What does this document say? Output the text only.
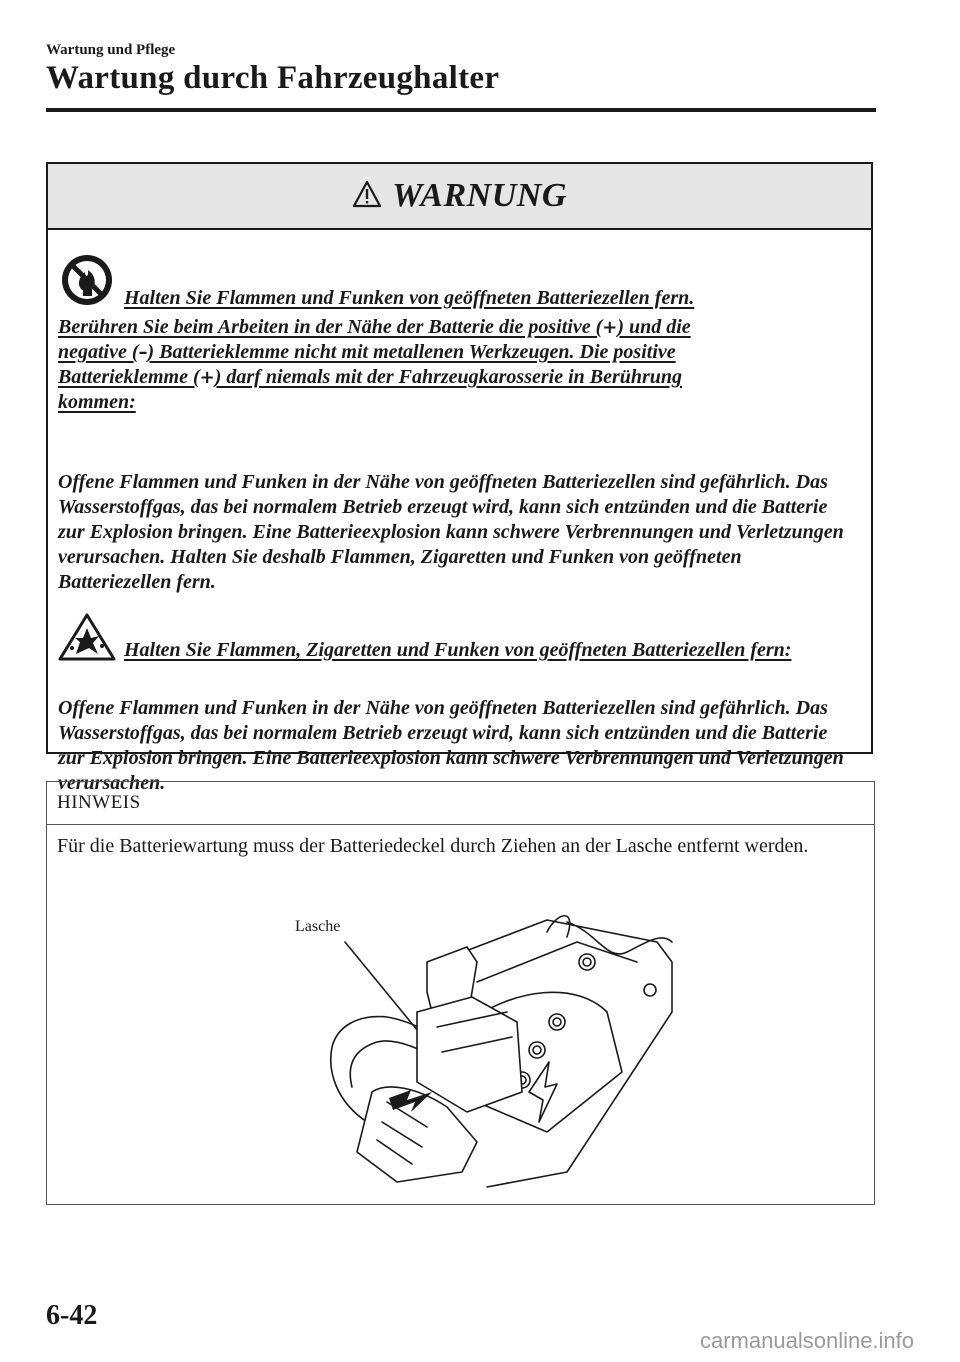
Wartung und Pflege
Wartung durch Fahrzeughalter
WARNUNG
Halten Sie Flammen und Funken von geöffneten Batteriezellen fern.
Berühren Sie beim Arbeiten in der Nähe der Batterie die positive (+) und die
negative (–) Batterieklemme nicht mit metallenen Werkzeugen. Die positive
Batterieklemme (+) darf niemals mit der Fahrzeugkarosserie in Berührung
kommen:
Offene Flammen und Funken in der Nähe von geöffneten Batteriezellen sind gefährlich. Das Wasserstoffgas, das bei normalem Betrieb erzeugt wird, kann sich entzünden und die Batterie zur Explosion bringen. Eine Batterieexplosion kann schwere Verbrennungen und Verletzungen verursachen. Halten Sie deshalb Flammen, Zigaretten und Funken von geöffneten Batteriezellen fern.
Halten Sie Flammen, Zigaretten und Funken von geöffneten Batteriezellen fern:
Offene Flammen und Funken in der Nähe von geöffneten Batteriezellen sind gefährlich. Das Wasserstoffgas, das bei normalem Betrieb erzeugt wird, kann sich entzünden und die Batterie zur Explosion bringen. Eine Batterieexplosion kann schwere Verbrennungen und Verletzungen verursachen.
HINWEIS
Für die Batteriewartung muss der Batteriedeckel durch Ziehen an der Lasche entfernt werden.
Lasche
6-42
carmanualsonline.info
